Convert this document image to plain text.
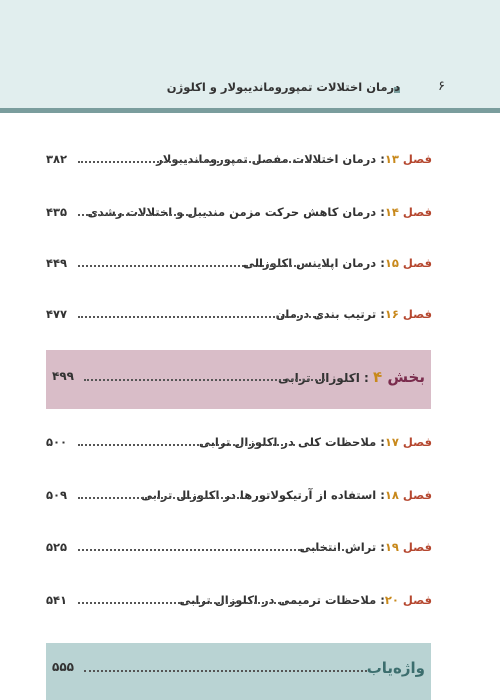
۶
درمان اختلالات تمپوروماندیبولار و اکلوژن
فصل ۱۳: درمان اختلالات مفصل تمپوروماندیبولار
۳۸۲
فصل ۱۴: درمان کاهش حرکت مزمن مندیبل و اختلالات رشدی
۴۳۵
فصل ۱۵: درمان اپلاینس اکلوزالی
۴۴۹
فصل ۱۶: ترتیب بندی درمان
۴۷۷
بخش ۴ : اکلوزال ترابی
۴۹۹
فصل ۱۷: ملاحظات کلی در اکلوزال ترابی
۵۰۰
فصل ۱۸: استفاده از آرتیکولاتورها در اکلوزال ترابی
۵۰۹
فصل ۱۹: تراش انتخابی
۵۲۵
فصل ۲۰: ملاحظات ترمیمی در اکلوزال ترابی
۵۴۱
واژه‌یاب
۵۵۵
